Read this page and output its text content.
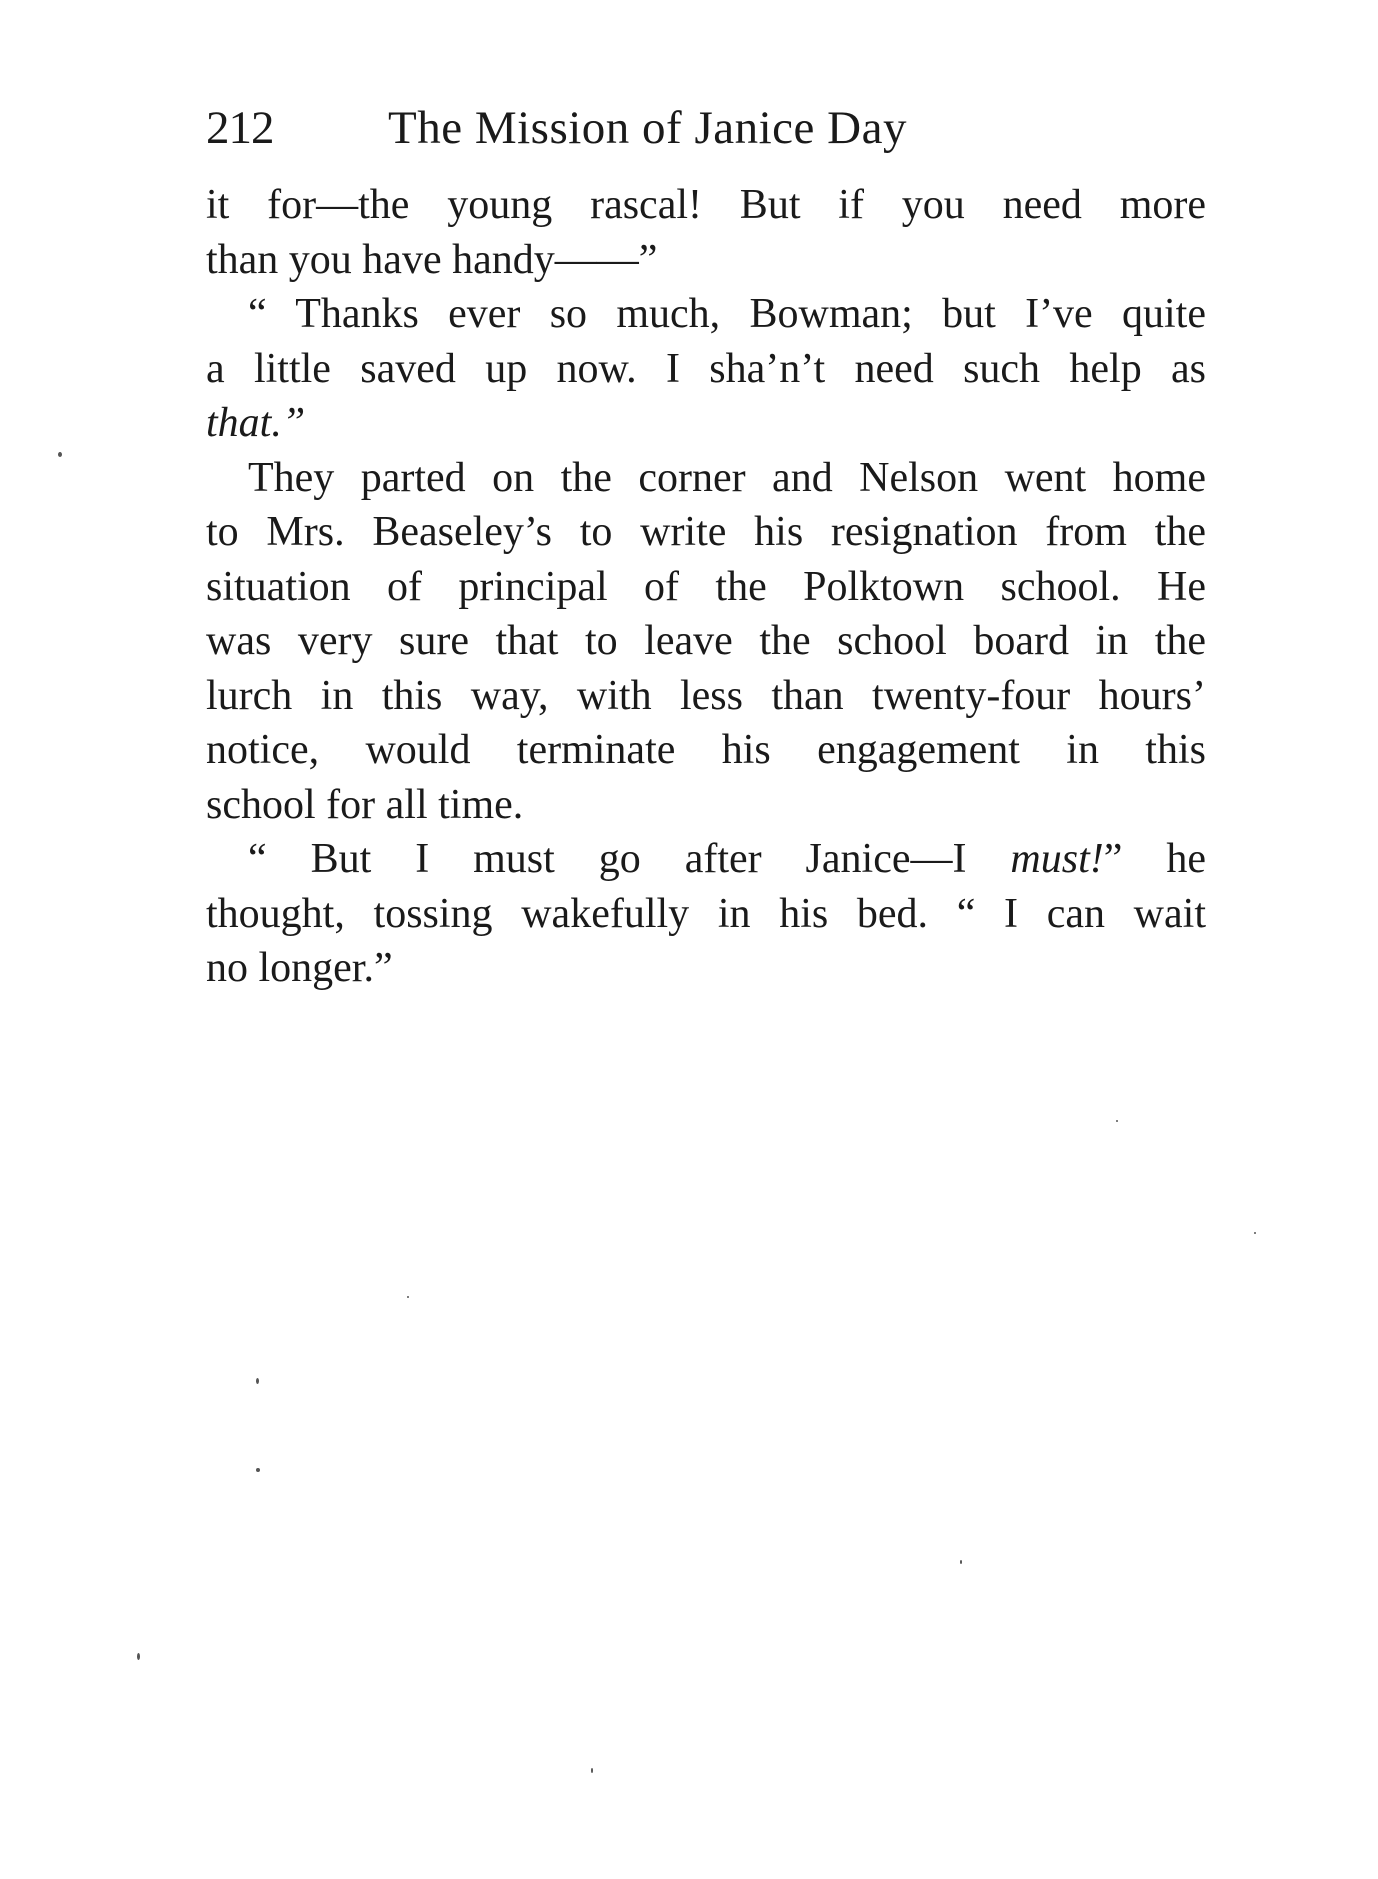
212 The Mission of Janice Day
it for—the young rascal! But if you need more
than you have handy——”
“ Thanks ever so much, Bowman; but I’ve quite
a little saved up now. I sha’n’t need such help as
that.”
They parted on the corner and Nelson went home
to Mrs. Beaseley’s to write his resignation from the
situation of principal of the Polktown school. He
was very sure that to leave the school board in the
lurch in this way, with less than twenty-four hours’
notice, would terminate his engagement in this
school for all time.
“ But I must go after Janice—I must!” he
thought, tossing wakefully in his bed. “ I can wait
no longer.”
